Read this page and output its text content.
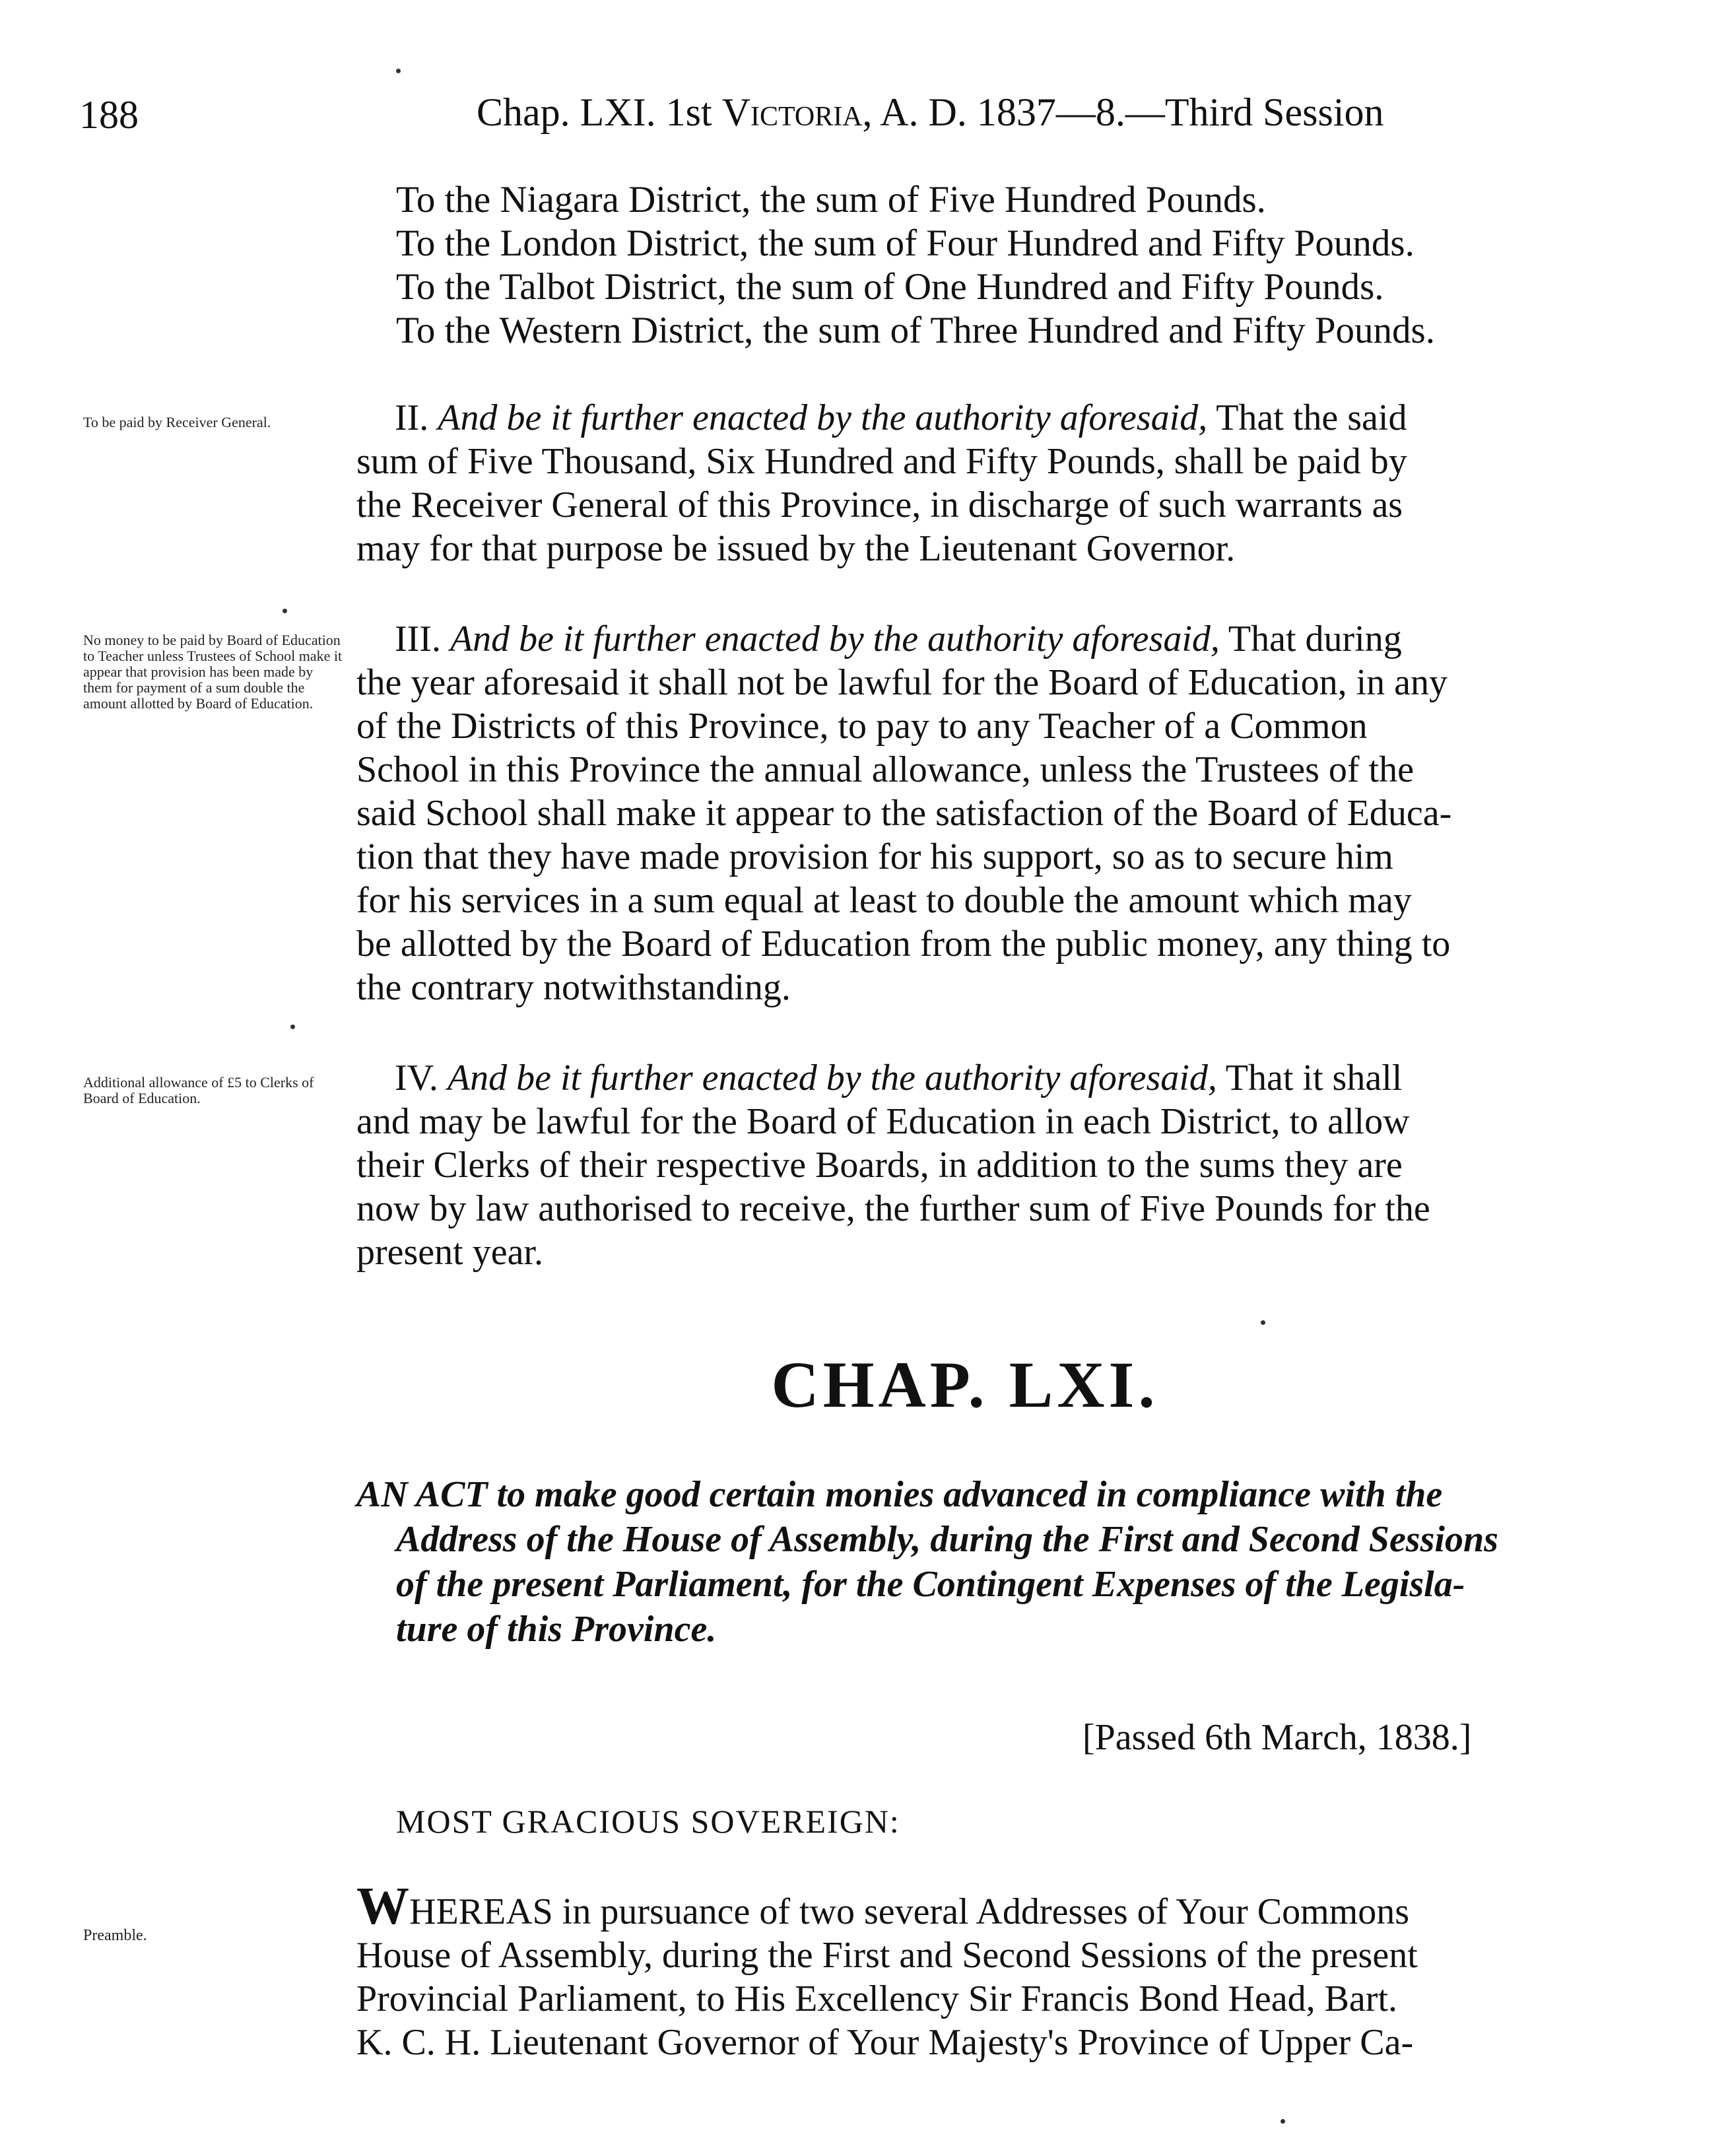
188	Chap. LXI. 1st Victoria, A. D. 1837—8.—Third Session
To the Niagara District, the sum of Five Hundred Pounds.
To the London District, the sum of Four Hundred and Fifty Pounds.
To the Talbot District, the sum of One Hundred and Fifty Pounds.
To the Western District, the sum of Three Hundred and Fifty Pounds.
To be paid by Receiver General.	II. And be it further enacted by the authority aforesaid, That the said
sum of Five Thousand, Six Hundred and Fifty Pounds, shall be paid by
the Receiver General of this Province, in discharge of such warrants as
may for that purpose be issued by the Lieutenant Governor.
No money to be paid by Board of Education to Teacher unless Trustees of School make it appear that provision has been made by them for payment of a sum double the amount allotted by Board of Education.
III. And be it further enacted by the authority aforesaid, That during
the year aforesaid it shall not be lawful for the Board of Education, in any
of the Districts of this Province, to pay to any Teacher of a Common
School in this Province the annual allowance, unless the Trustees of the
said School shall make it appear to the satisfaction of the Board of Educa-
tion that they have made provision for his support, so as to secure him
for his services in a sum equal at least to double the amount which may
be allotted by the Board of Education from the public money, any thing to
the contrary notwithstanding.
Additional allowance of £5 to Clerks of Board of Education.	IV. And be it further enacted by the authority aforesaid, That it shall
and may be lawful for the Board of Education in each District, to allow
their Clerks of their respective Boards, in addition to the sums they are
now by law authorised to receive, the further sum of Five Pounds for the
present year.
CHAP. LXI.
AN ACT to make good certain monies advanced in compliance with the
Address of the House of Assembly, during the First and Second Sessions
of the present Parliament, for the Contingent Expenses of the Legisla-
ture of this Province.
[Passed 6th March, 1838.]
MOST GRACIOUS SOVEREIGN:
Preamble.	WHEREAS in pursuance of two several Addresses of Your Commons
House of Assembly, during the First and Second Sessions of the present
Provincial Parliament, to His Excellency Sir Francis Bond Head, Bart.
K. C. H. Lieutenant Governor of Your Majesty's Province of Upper Ca-
